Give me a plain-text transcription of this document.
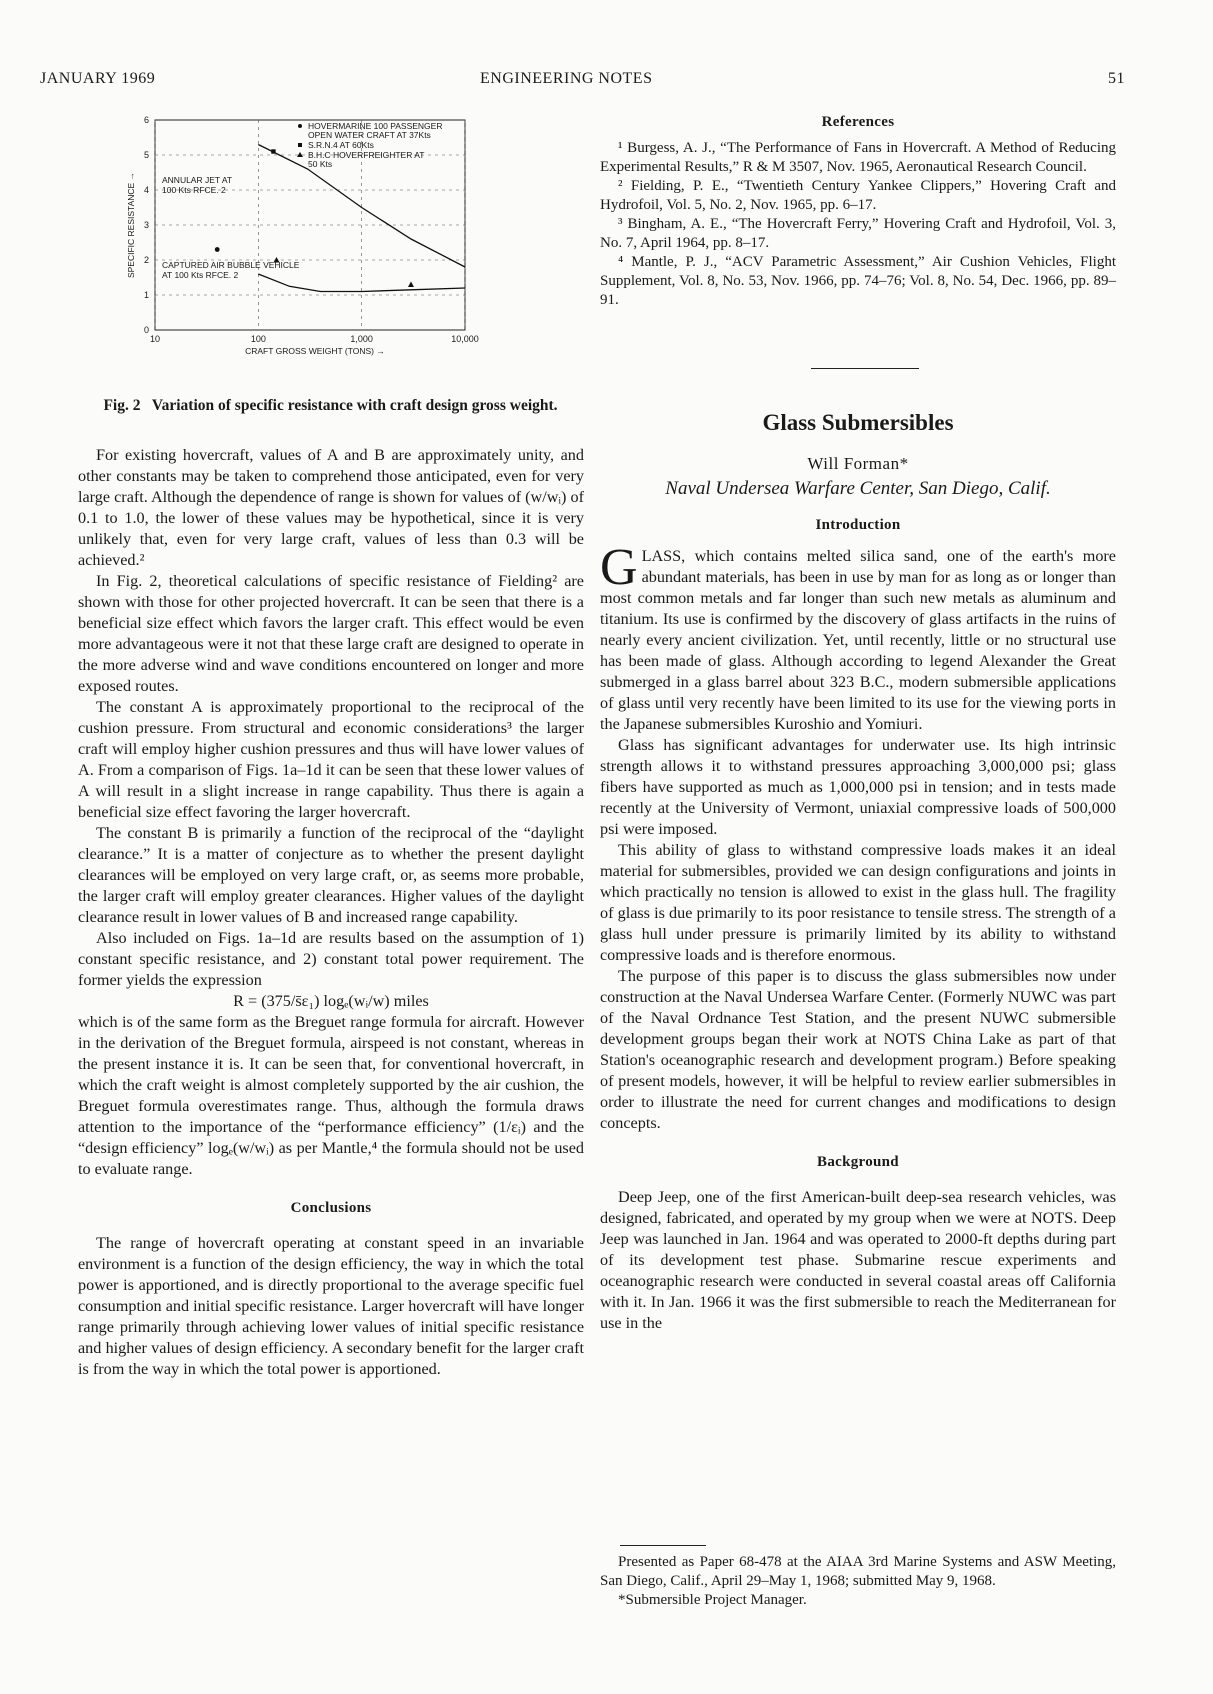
JANUARY 1969	ENGINEERING NOTES	51
10	100	1,000	10,000
0
1
2
3
4
5
6
CRAFT GROSS WEIGHT (TONS) →
SPECIFIC RESISTANCE →
HOVERMARINE 100 PASSENGER
OPEN WATER CRAFT AT 37Kts
S.R.N.4 AT 60Kts
B.H.C HOVERFREIGHTER AT
50 Kts
ANNULAR JET AT
100 Kts RFCE. 2
CAPTURED AIR BUBBLE VEHICLE
AT 100 Kts RFCE. 2
Fig. 2 Variation of specific resistance with craft design gross weight.

For existing hovercraft, values of A and B are approximately unity, and other constants may be taken to comprehend those anticipated, even for very large craft. Although the dependence of range is shown for values of (w/wᵢ) of 0.1 to 1.0, the lower of these values may be hypothetical, since it is very unlikely that, even for very large craft, values of less than 0.3 will be achieved.²

In Fig. 2, theoretical calculations of specific resistance of Fielding² are shown with those for other projected hovercraft. It can be seen that there is a beneficial size effect which favors the larger craft. This effect would be even more advantageous were it not that these large craft are designed to operate in the more adverse wind and wave conditions encountered on longer and more exposed routes.

The constant A is approximately proportional to the reciprocal of the cushion pressure. From structural and economic considerations³ the larger craft will employ higher cushion pressures and thus will have lower values of A. From a comparison of Figs. 1a–1d it can be seen that these lower values of A will result in a slight increase in range capability. Thus there is again a beneficial size effect favoring the larger hovercraft.

The constant B is primarily a function of the reciprocal of the “daylight clearance.” It is a matter of conjecture as to whether the present daylight clearances will be employed on very large craft, or, as seems more probable, the larger craft will employ greater clearances. Higher values of the daylight clearance result in lower values of B and increased range capability.

Also included on Figs. 1a–1d are results based on the assumption of 1) constant specific resistance, and 2) constant total power requirement. The former yields the expression

R = (375/s̄ε₁) logₑ(wᵢ/w) miles

which is of the same form as the Breguet range formula for aircraft. However in the derivation of the Breguet formula, airspeed is not constant, whereas in the present instance it is. It can be seen that, for conventional hovercraft, in which the craft weight is almost completely supported by the air cushion, the Breguet formula overestimates range. Thus, although the formula draws attention to the importance of the “performance efficiency” (1/εᵢ) and the “design efficiency” logₑ(w/wᵢ) as per Mantle,⁴ the formula should not be used to evaluate range.

Conclusions

The range of hovercraft operating at constant speed in an invariable environment is a function of the design efficiency, the way in which the total power is apportioned, and is directly proportional to the average specific fuel consumption and initial specific resistance. Larger hovercraft will have longer range primarily through achieving lower values of initial specific resistance and higher values of design efficiency. A secondary benefit for the larger craft is from the way in which the total power is apportioned.

References

¹ Burgess, A. J., “The Performance of Fans in Hovercraft. A Method of Reducing Experimental Results,” R & M 3507, Nov. 1965, Aeronautical Research Council.

² Fielding, P. E., “Twentieth Century Yankee Clippers,” Hovering Craft and Hydrofoil, Vol. 5, No. 2, Nov. 1965, pp. 6–17.

³ Bingham, A. E., “The Hovercraft Ferry,” Hovering Craft and Hydrofoil, Vol. 3, No. 7, April 1964, pp. 8–17.

⁴ Mantle, P. J., “ACV Parametric Assessment,” Air Cushion Vehicles, Flight Supplement, Vol. 8, No. 53, Nov. 1966, pp. 74–76; Vol. 8, No. 54, Dec. 1966, pp. 89–91.

Glass Submersibles
Will Forman*
Naval Undersea Warfare Center, San Diego, Calif.
Introduction

GLASS, which contains melted silica sand, one of the earth's more abundant materials, has been in use by man for as long as or longer than most common metals and far longer than such new metals as aluminum and titanium. Its use is confirmed by the discovery of glass artifacts in the ruins of nearly every ancient civilization. Yet, until recently, little or no structural use has been made of glass. Although according to legend Alexander the Great submerged in a glass barrel about 323 B.C., modern submersible applications of glass until very recently have been limited to its use for the viewing ports in the Japanese submersibles Kuroshio and Yomiuri.

Glass has significant advantages for underwater use. Its high intrinsic strength allows it to withstand pressures approaching 3,000,000 psi; glass fibers have supported as much as 1,000,000 psi in tension; and in tests made recently at the University of Vermont, uniaxial compressive loads of 500,000 psi were imposed.

This ability of glass to withstand compressive loads makes it an ideal material for submersibles, provided we can design configurations and joints in which practically no tension is allowed to exist in the glass hull. The fragility of glass is due primarily to its poor resistance to tensile stress. The strength of a glass hull under pressure is primarily limited by its ability to withstand compressive loads and is therefore enormous.

The purpose of this paper is to discuss the glass submersibles now under construction at the Naval Undersea Warfare Center. (Formerly NUWC was part of the Naval Ordnance Test Station, and the present NUWC submersible development groups began their work at NOTS China Lake as part of that Station's oceanographic research and development program.) Before speaking of present models, however, it will be helpful to review earlier submersibles in order to illustrate the need for current changes and modifications to design concepts.

Background

Deep Jeep, one of the first American-built deep-sea research vehicles, was designed, fabricated, and operated by my group when we were at NOTS. Deep Jeep was launched in Jan. 1964 and was operated to 2000-ft depths during part of its development test phase. Submarine rescue experiments and oceanographic research were conducted in several coastal areas off California with it. In Jan. 1966 it was the first submersible to reach the Mediterranean for use in the

Presented as Paper 68-478 at the AIAA 3rd Marine Systems and ASW Meeting, San Diego, Calif., April 29–May 1, 1968; submitted May 9, 1968.

*Submersible Project Manager.
